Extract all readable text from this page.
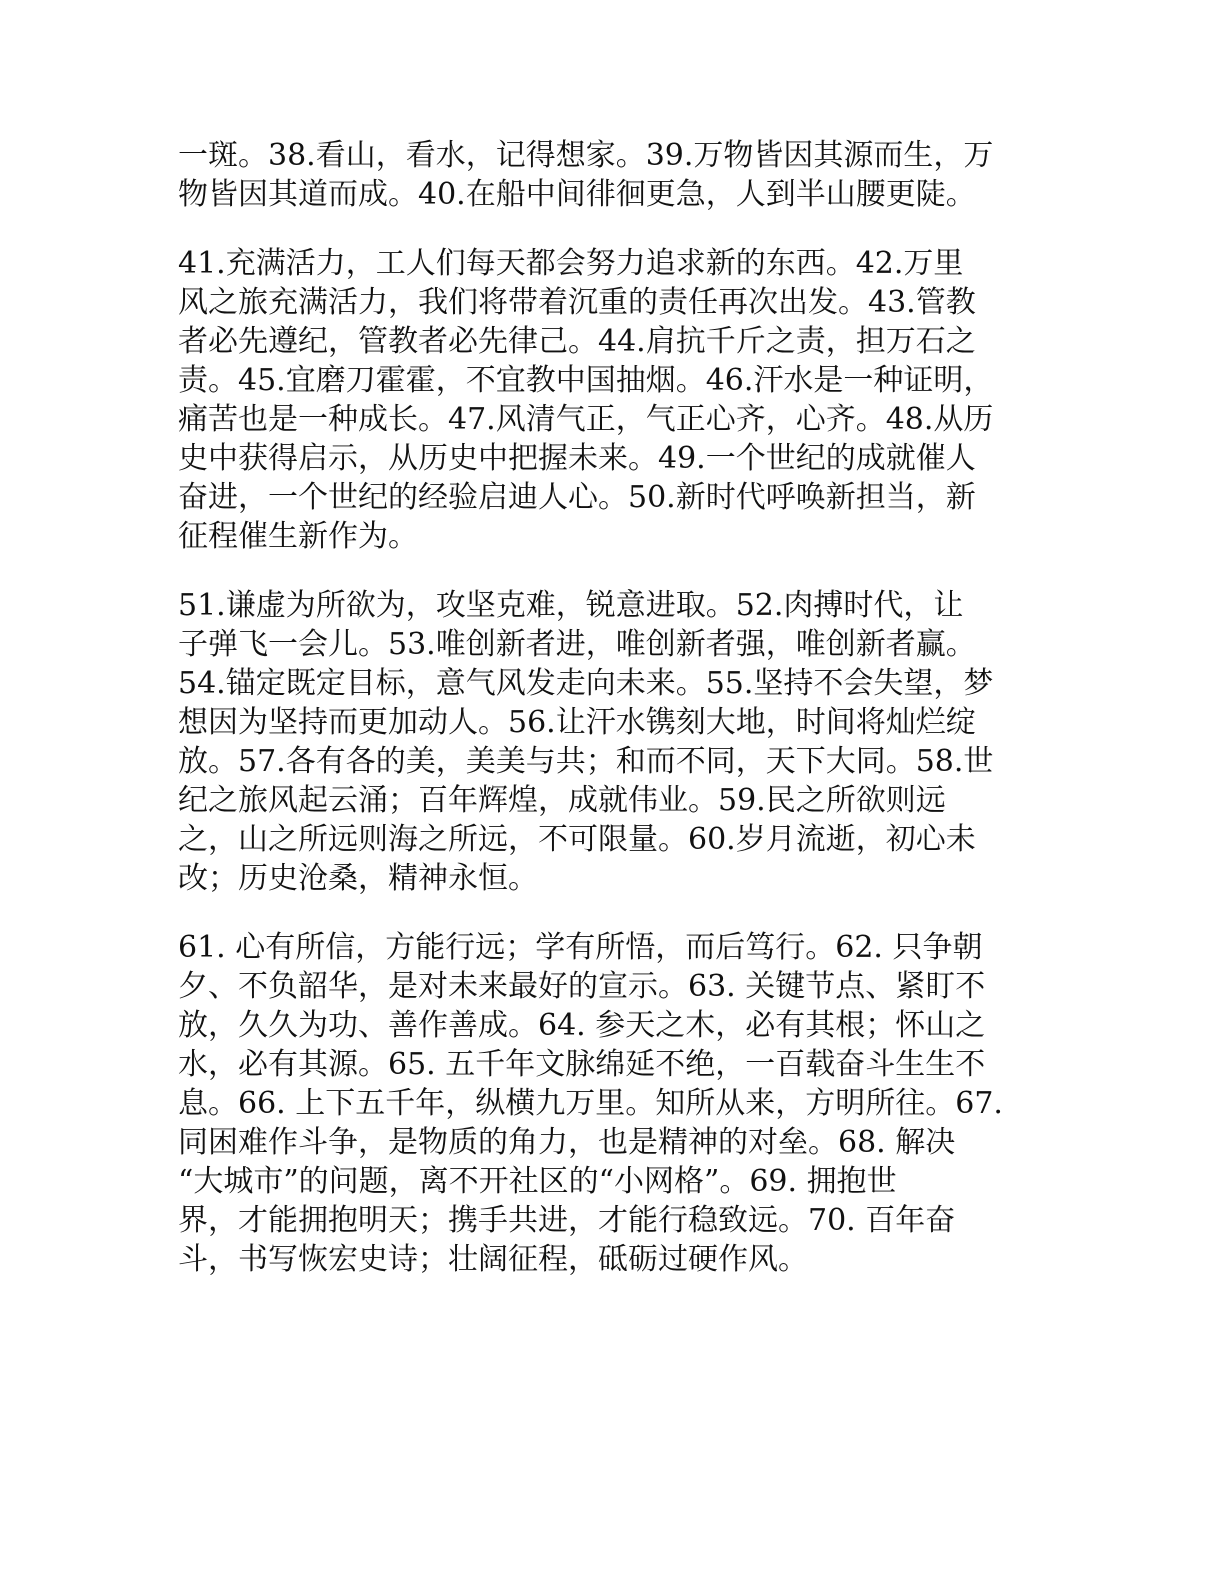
一斑。38.看山，看水，记得想家。39.万物皆因其源而生，万
物皆因其道而成。40.在船中间徘徊更急，人到半山腰更陡。

41.充满活力，工人们每天都会努力追求新的东西。42.万里
风之旅充满活力，我们将带着沉重的责任再次出发。43.管教
者必先遵纪，管教者必先律己。44.肩抗千斤之责，担万石之
责。45.宜磨刀霍霍，不宜教中国抽烟。46.汗水是一种证明，
痛苦也是一种成长。47.风清气正，气正心齐，心齐。48.从历
史中获得启示，从历史中把握未来。49.一个世纪的成就催人
奋进，一个世纪的经验启迪人心。50.新时代呼唤新担当，新
征程催生新作为。

51.谦虚为所欲为，攻坚克难，锐意进取。52.肉搏时代，让
子弹飞一会儿。53.唯创新者进，唯创新者强，唯创新者赢。
54.锚定既定目标，意气风发走向未来。55.坚持不会失望，梦
想因为坚持而更加动人。56.让汗水镌刻大地，时间将灿烂绽
放。57.各有各的美，美美与共；和而不同，天下大同。58.世
纪之旅风起云涌；百年辉煌，成就伟业。59.民之所欲则远
之，山之所远则海之所远，不可限量。60.岁月流逝，初心未
改；历史沧桑，精神永恒。

61. 心有所信，方能行远；学有所悟，而后笃行。62. 只争朝
夕、不负韶华，是对未来最好的宣示。63. 关键节点、紧盯不
放，久久为功、善作善成。64. 参天之木，必有其根；怀山之
水，必有其源。65. 五千年文脉绵延不绝，一百载奋斗生生不
息。66. 上下五千年，纵横九万里。知所从来，方明所往。67.
同困难作斗争，是物质的角力，也是精神的对垒。68. 解决
“大城市”的问题，离不开社区的“小网格”。69. 拥抱世
界，才能拥抱明天；携手共进，才能行稳致远。70. 百年奋
斗，书写恢宏史诗；壮阔征程，砥砺过硬作风。
